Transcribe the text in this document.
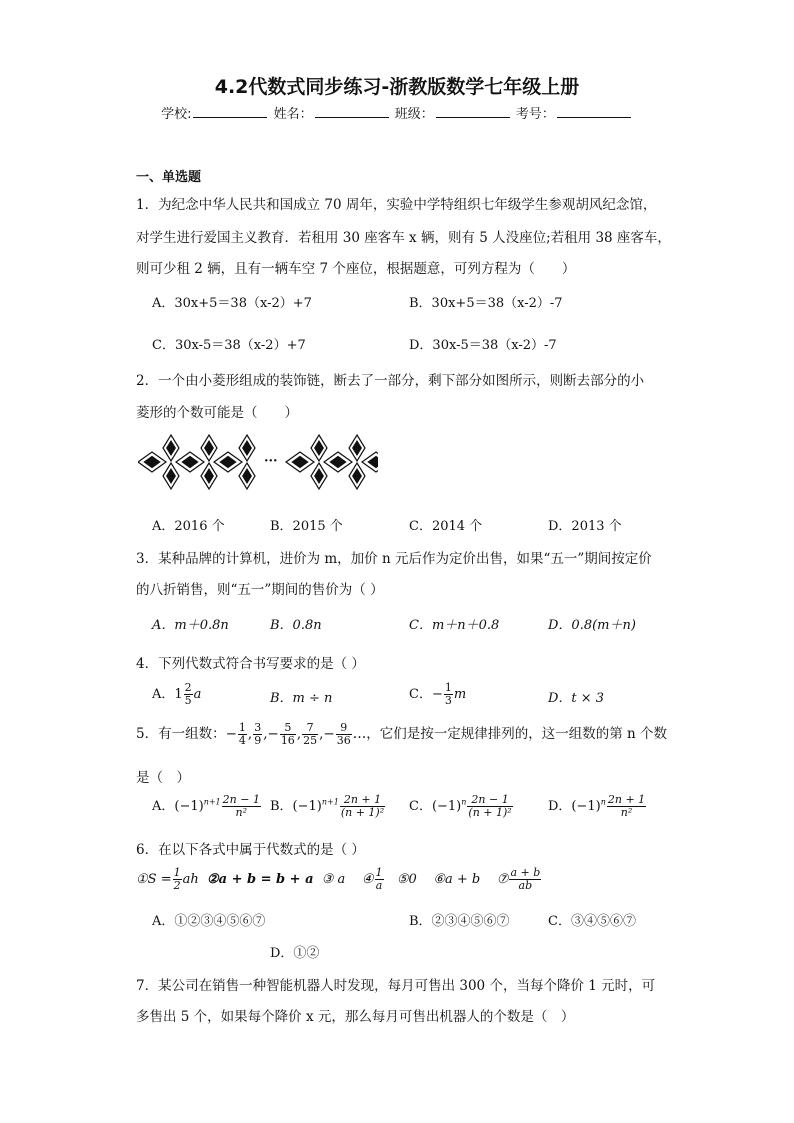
4.2代数式同步练习-浙教版数学七年级上册
学校:	姓名：	班级：	考号：
一、单选题
1．为纪念中华人民共和国成立 70 周年，实验中学特组织七年级学生参观胡风纪念馆，
对学生进行爱国主义教育．若租用 30 座客车 x 辆，则有 5 人没座位;若租用 38 座客车，
则可少租 2 辆，且有一辆车空 7 个座位，根据题意，可列方程为（　　）
A．30x+5＝38（x-2）+7	B．30x+5＝38（x-2）-7
C．30x-5＝38（x-2）+7	D．30x-5＝38（x-2）-7
2．一个由小菱形组成的装饰链，断去了一部分，剩下部分如图所示，则断去部分的小
菱形的个数可能是（　　）
···
A．2016 个	B．2015 个	C．2014 个	D．2013 个
3．某种品牌的计算机，进价为 m，加价 n 元后作为定价出售，如果“五一”期间按定价
的八折销售，则“五一”期间的售价为（ ）
A．m＋0.8n	B．0.8n	C．m＋n＋0.8	D．0.8(m＋n)
4．下列代数式符合书写要求的是（ ）
A．$1 \frac{2}{5}$ a	B．m ÷ n	C．− $\frac{1}{3}$ m	D．t × 3
5．有一组数：− $\frac{1}{4}$ , $\frac{3}{9}$ ,− $\frac{5}{16}$ , $\frac{7}{25}$ ,− $\frac{9}{36}$ …，它们是按一定规律排列的，这一组数的第 n 个数
是（　）
A．$(-1)^{n+1} \frac{2n - 1}{\text{n²}}$ B．$(-1)^{n+1} \frac{2n + 1}{\text{(n + 1)²}}$ C．$(-1)^n \frac{2n - 1}{\text{(n + 1)²}}$	D．$(-1)^n \frac{2n + 1}{\text{n²}}$
6．在以下各式中属于代数式的是（ ）
①S = $\frac{1}{2}$ ah ②a + b = b + a ③ a ④ $\frac{1}{a}$ ⑤0 ⑥a + b ⑦ $\frac{a + b}{ab}$
A．①②③④⑤⑥⑦	B．②③④⑤⑥⑦	C．③④⑤⑥⑦
D．①②
7．某公司在销售一种智能机器人时发现，每月可售出 300 个，当每个降价 1 元时，可
多售出 5 个，如果每个降价 x 元，那么每月可售出机器人的个数是（　）
